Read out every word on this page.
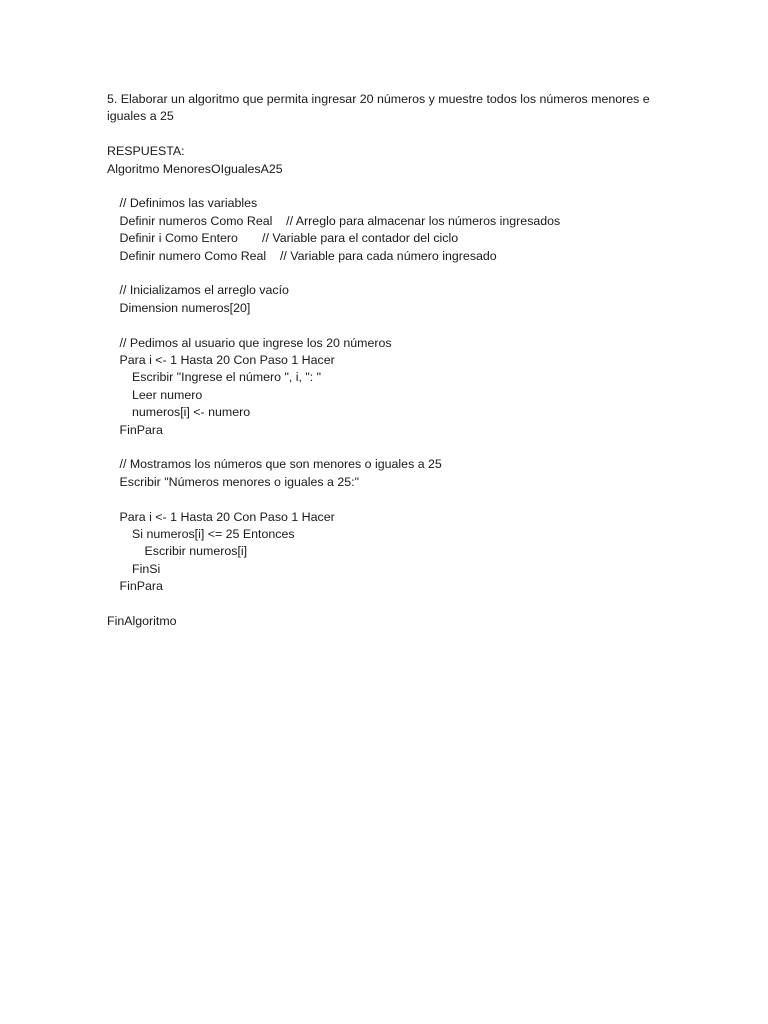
5. Elaborar un algoritmo que permita ingresar 20 números y muestre todos los números menores e iguales a 25

RESPUESTA:
Algoritmo MenoresOIgualesA25
// Definimos las variables
Definir numeros Como Real    // Arreglo para almacenar los números ingresados
Definir i Como Entero       // Variable para el contador del ciclo
Definir numero Como Real    // Variable para cada número ingresado
// Inicializamos el arreglo vacío
Dimension numeros[20]
// Pedimos al usuario que ingrese los 20 números
Para i <- 1 Hasta 20 Con Paso 1 Hacer
Escribir "Ingrese el número ", i, ": "
Leer numero
numeros[i] <- numero
FinPara
// Mostramos los números que son menores o iguales a 25
Escribir "Números menores o iguales a 25:"
Para i <- 1 Hasta 20 Con Paso 1 Hacer
Si numeros[i] <= 25 Entonces
Escribir numeros[i]
FinSi
FinPara
FinAlgoritmo
